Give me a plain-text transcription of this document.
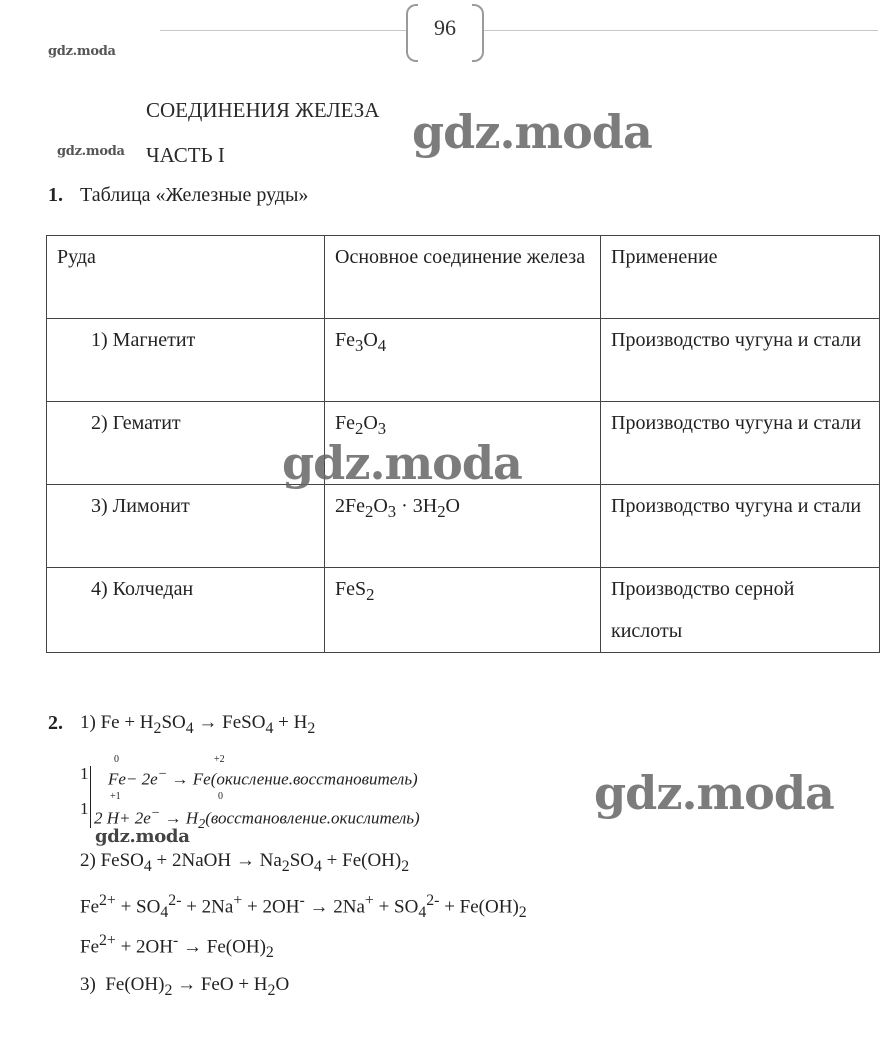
96
gdz.moda
gdz.moda
СОЕДИНЕНИЯ ЖЕЛЕЗА
ЧАСТЬ I	gdz.moda
1. Таблица «Железные руды»
Руда	Основное соединение железа	Применение
1) Магнетит	$Fe_3O_4$	Производство чугуна и стали
2) Гематит	$Fe_2O_3$	Производство чугуна и стали
3) Лимонит	$2Fe_2O_3 \cdot 3H_2O$	Производство чугуна и стали
4) Колчедан	FeS$_2$	Производство серной кислоты
gdz.moda
2. 1) $Fe + H_2SO_4$ → FeSO$_4$ + $H_2$
1
1
0	+2
Fe− 2e− → Fe(окисление.восстановитель)
+1	0
2 $H+ 2e^- \to H_2(восстановление.окислитель)$	gdz.moda
gdz.moda
2) FeSO$_4$ + 2NaOH → $Na_2SO_4 + Fe(OH)_2$
$Fe^{2+} + SO_4^{2-} + 2Na^+ + 2OH^- \to 2Na^+ + SO_4^{2-} + Fe(OH)_2$
$Fe^{2+} + 2OH^- \to Fe(OH)_2$
3)  $Fe(OH)_2$ → FeO + $H_2O$
